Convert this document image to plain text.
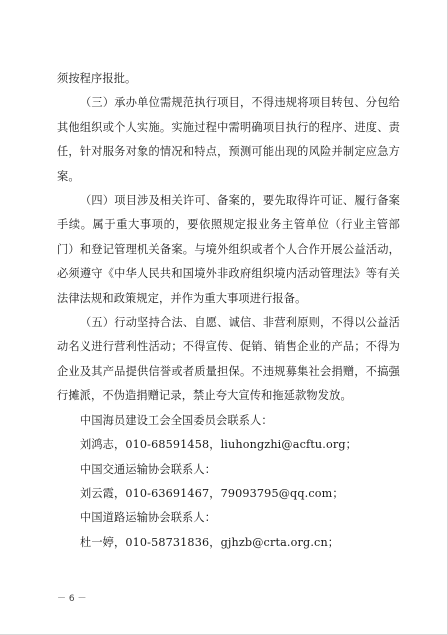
须按程序报批。

（三）承办单位需规范执行项目，不得违规将项目转包、分包给其他组织或个人实施。实施过程中需明确项目执行的程序、进度、责任，针对服务对象的情况和特点，预测可能出现的风险并制定应急方案。

（四）项目涉及相关许可、备案的，要先取得许可证、履行备案手续。属于重大事项的，要依照规定报业务主管单位（行业主管部门）和登记管理机关备案。与境外组织或者个人合作开展公益活动，必须遵守《中华人民共和国境外非政府组织境内活动管理法》等有关法律法规和政策规定，并作为重大事项进行报备。

（五）行动坚持合法、自愿、诚信、非营利原则，不得以公益活动名义进行营利性活动；不得宣传、促销、销售企业的产品；不得为企业及其产品提供信誉或者质量担保。不违规募集社会捐赠，不搞强行摊派，不伪造捐赠记录，禁止夸大宣传和拖延款物发放。

中国海员建设工会全国委员会联系人：

刘鸿志，010-68591458，liuhongzhi@acftu.org；

中国交通运输协会联系人：

刘云霞，010-63691467，79093795@qq.com；

中国道路运输协会联系人：

杜一婷，010-58731836，gjhzb@crta.org.cn；

－ 6 －
